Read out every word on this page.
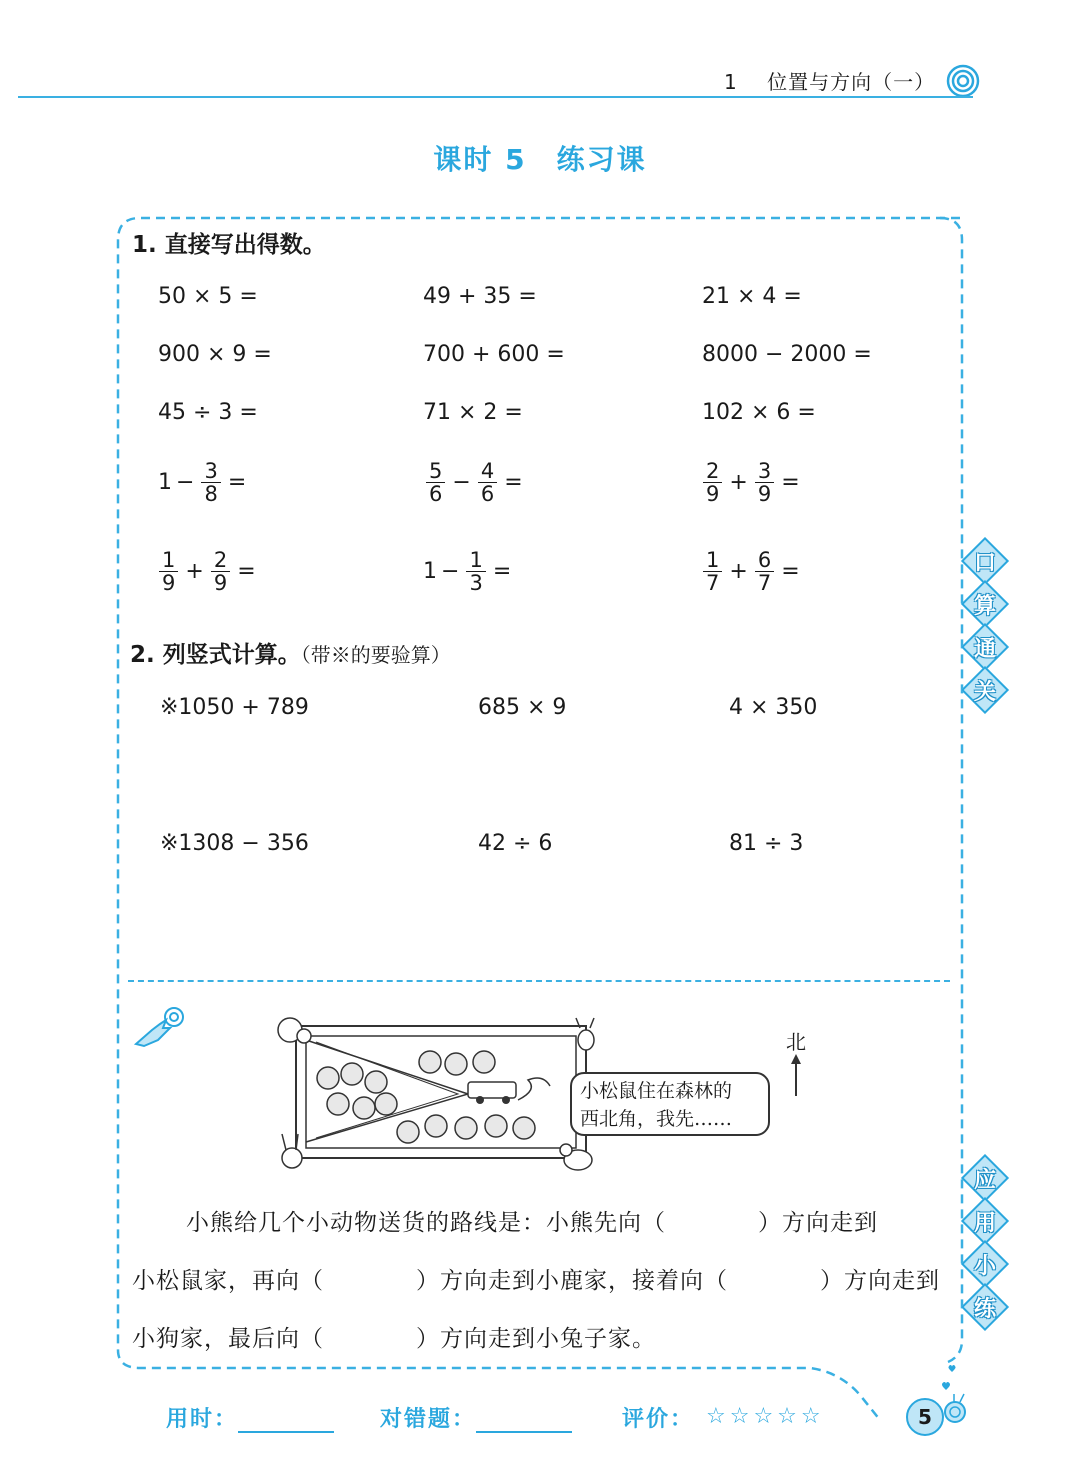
1 位置与方向（一）
课时 5　练习课
1. 直接写出得数。
50 × 5 =	49 + 35 =	21 × 4 =
900 × 9 =	700 + 600 =	8000 − 2000 =
45 ÷ 3 =	71 × 2 =	102 × 6 =
$1 - \frac{3}{8}$ =	$\frac{5}{6} - \frac{4}{6}$ =	$\frac{2}{9} + \frac{3}{9}$ =
$\frac{1}{9} + \frac{2}{9}$ =	$1 - \frac{1}{3}$ =	$\frac{1}{7} + \frac{6}{7}$ =
2. 列竖式计算。（带※的要验算）
※1050 + 789	685 × 9	4 × 350
※1308 − 356	42 ÷ 6	81 ÷ 3
口
算
通
关
应
用
小
练
北
小松鼠住在森林的
西北角，我先……
小熊给几个小动物送货的路线是：小熊先向（	）方向走到
小松鼠家，再向（	）方向走到小鹿家，接着向（	）方向走到
小狗家，最后向（	）方向走到小兔子家。
用时：	对错题：	评价： ☆☆☆☆☆	5
